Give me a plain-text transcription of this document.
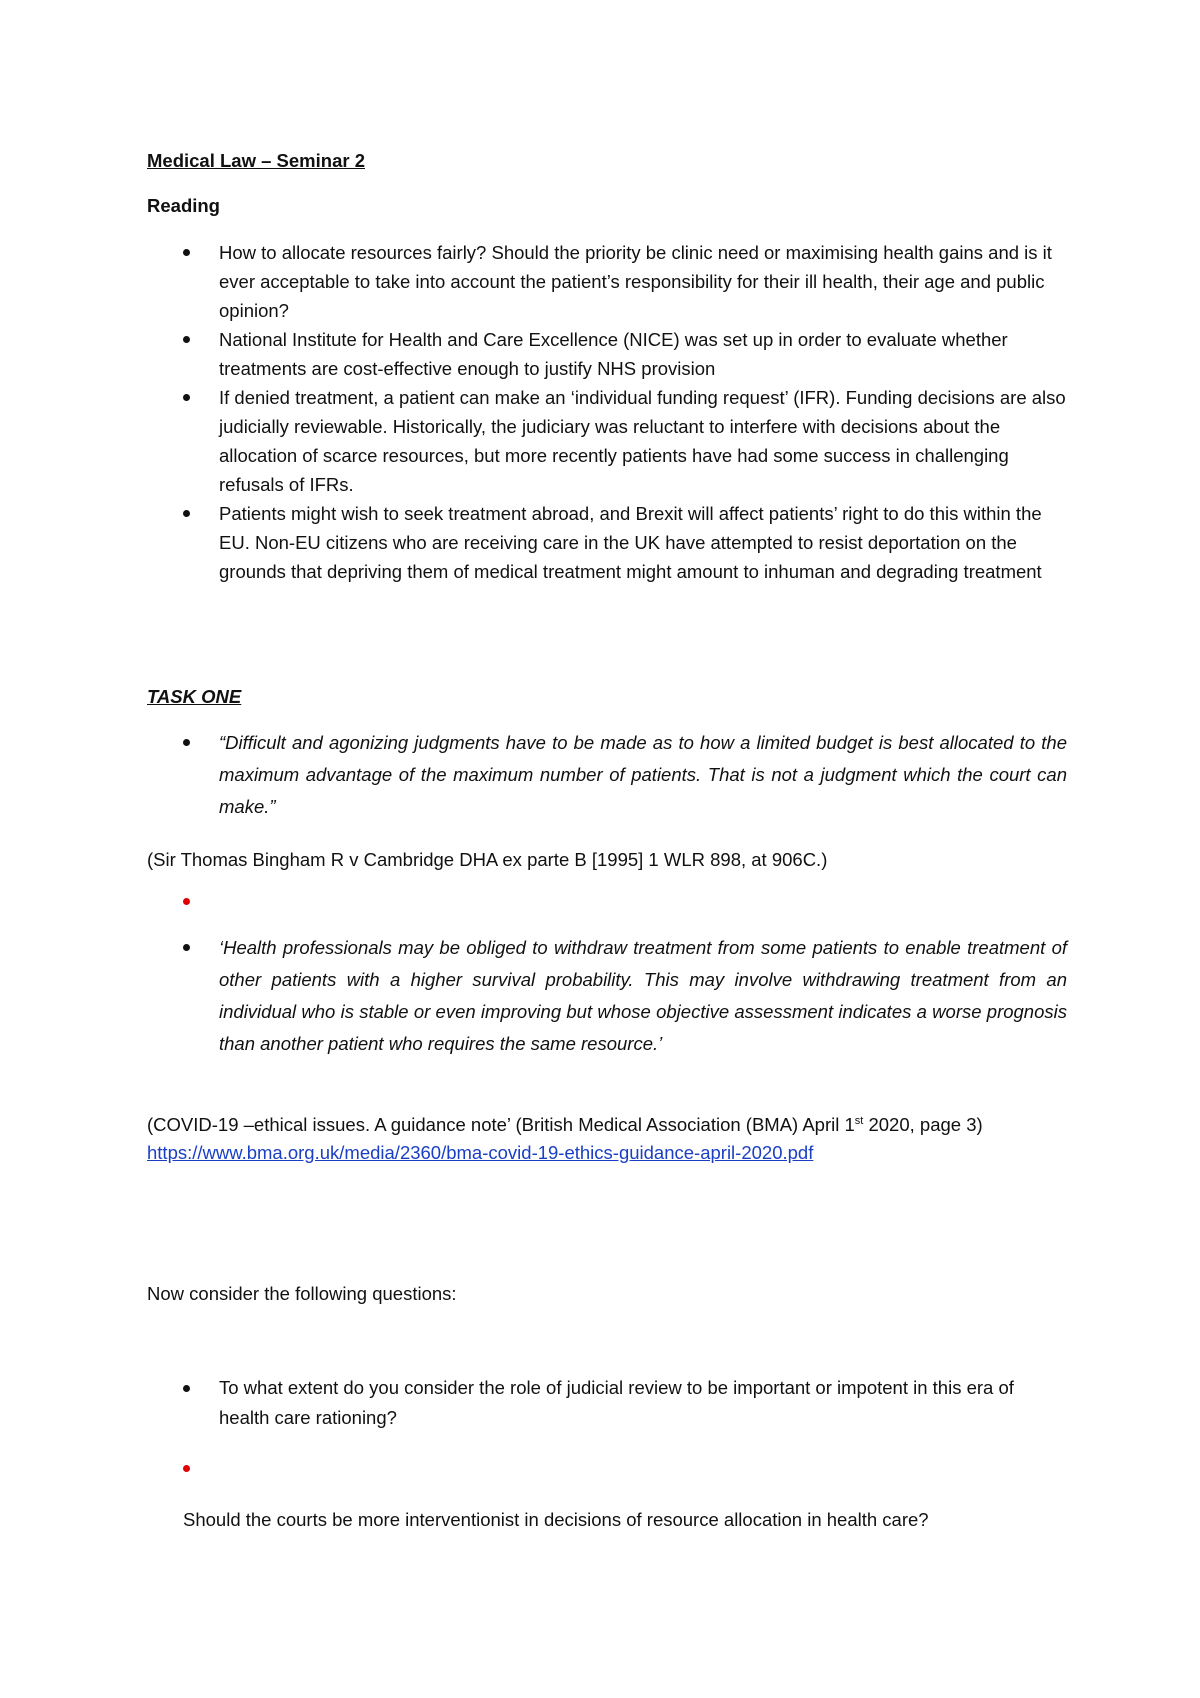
Medical Law – Seminar 2
Reading
How to allocate resources fairly? Should the priority be clinic need or maximising health gains and is it ever acceptable to take into account the patient’s responsibility for their ill health, their age and public opinion?
National Institute for Health and Care Excellence (NICE) was set up in order to evaluate whether treatments are cost-effective enough to justify NHS provision
If denied treatment, a patient can make an ‘individual funding request’ (IFR). Funding decisions are also judicially reviewable. Historically, the judiciary was reluctant to interfere with decisions about the allocation of scarce resources, but more recently patients have had some success in challenging refusals of IFRs.
Patients might wish to seek treatment abroad, and Brexit will affect patients’ right to do this within the EU. Non-EU citizens who are receiving care in the UK have attempted to resist deportation on the grounds that depriving them of medical treatment might amount to inhuman and degrading treatment
TASK ONE
“Difficult and agonizing judgments have to be made as to how a limited budget is best allocated to the maximum advantage of the maximum number of patients. That is not a judgment which the court can make.”
(Sir Thomas Bingham R v Cambridge DHA ex parte B [1995] 1 WLR 898, at 906C.)
‘Health professionals may be obliged to withdraw treatment from some patients to enable treatment of other patients with a higher survival probability. This may involve withdrawing treatment from an individual who is stable or even improving but whose objective assessment indicates a worse prognosis than another patient who requires the same resource.’
(COVID-19 –ethical issues. A guidance note’ (British Medical Association (BMA) April 1st 2020, page 3)
https://www.bma.org.uk/media/2360/bma-covid-19-ethics-guidance-april-2020.pdf
Now consider the following questions:
To what extent do you consider the role of judicial review to be important or impotent in this era of health care rationing?
Should the courts be more interventionist in decisions of resource allocation in health care?
